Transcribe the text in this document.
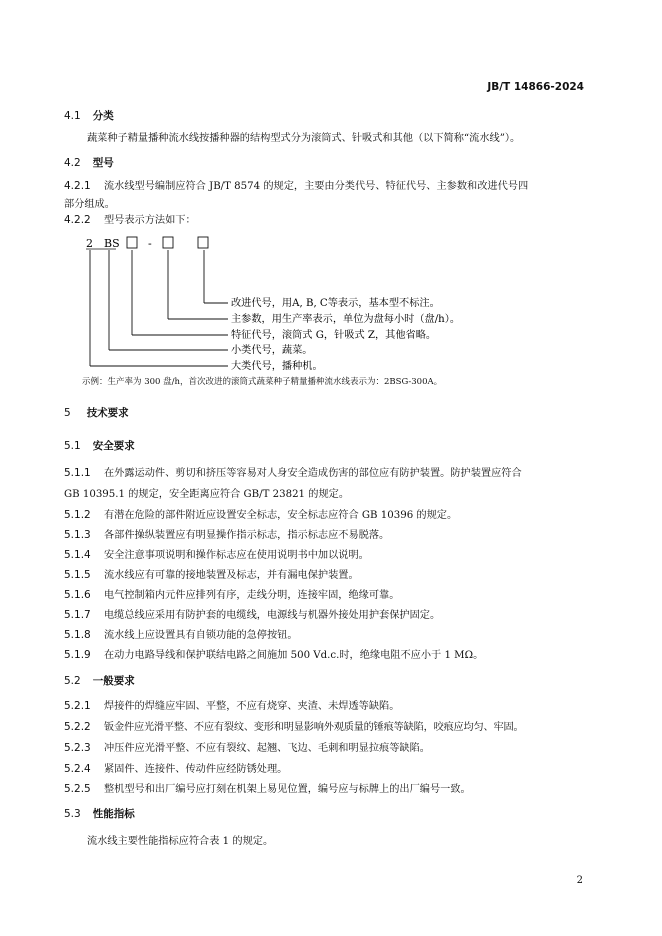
JB/T 14866-2024
4.1 分类
蔬菜种子精量播种流水线按播种器的结构型式分为滚筒式、针吸式和其他（以下简称“流水线”）。
4.2 型号
4.2.1 流水线型号编制应符合 JB/T 8574 的规定，主要由分类代号、特征代号、主参数和改进代号四
部分组成。
4.2.2 型号表示方法如下：
2 BS	-
改进代号，用A, B, C等表示，基本型不标注。
主参数，用生产率表示，单位为盘每小时（盘/h）。
特征代号，滚筒式 G，针吸式 Z，其他省略。
小类代号，蔬菜。
大类代号，播种机。
示例：生产率为 300 盘/h，首次改进的滚筒式蔬菜种子精量播种流水线表示为：2BSG-300A。
5 技术要求
5.1 安全要求
5.1.1 在外露运动件、剪切和挤压等容易对人身安全造成伤害的部位应有防护装置。防护装置应符合
GB 10395.1 的规定，安全距离应符合 GB/T 23821 的规定。
5.1.2 有潜在危险的部件附近应设置安全标志，安全标志应符合 GB 10396 的规定。
5.1.3 各部件操纵装置应有明显操作指示标志，指示标志应不易脱落。
5.1.4 安全注意事项说明和操作标志应在使用说明书中加以说明。
5.1.5 流水线应有可靠的接地装置及标志，并有漏电保护装置。
5.1.6 电气控制箱内元件应排列有序，走线分明，连接牢固，绝缘可靠。
5.1.7 电缆总线应采用有防护套的电缆线，电源线与机器外接处用护套保护固定。
5.1.8 流水线上应设置具有自锁功能的急停按钮。
5.1.9 在动力电路导线和保护联结电路之间施加 500 Vd.c.时，绝缘电阻不应小于 1 MΩ。
5.2 一般要求
5.2.1 焊接件的焊缝应牢固、平整，不应有烧穿、夹渣、未焊透等缺陷。
5.2.2 钣金件应光滑平整、不应有裂纹、变形和明显影响外观质量的锤痕等缺陷，咬痕应均匀、牢固。
5.2.3 冲压件应光滑平整、不应有裂纹、起翘、飞边、毛刺和明显拉痕等缺陷。
5.2.4 紧固件、连接件、传动件应经防锈处理。
5.2.5 整机型号和出厂编号应打刻在机架上易见位置，编号应与标牌上的出厂编号一致。
5.3 性能指标
流水线主要性能指标应符合表 1 的规定。
2
